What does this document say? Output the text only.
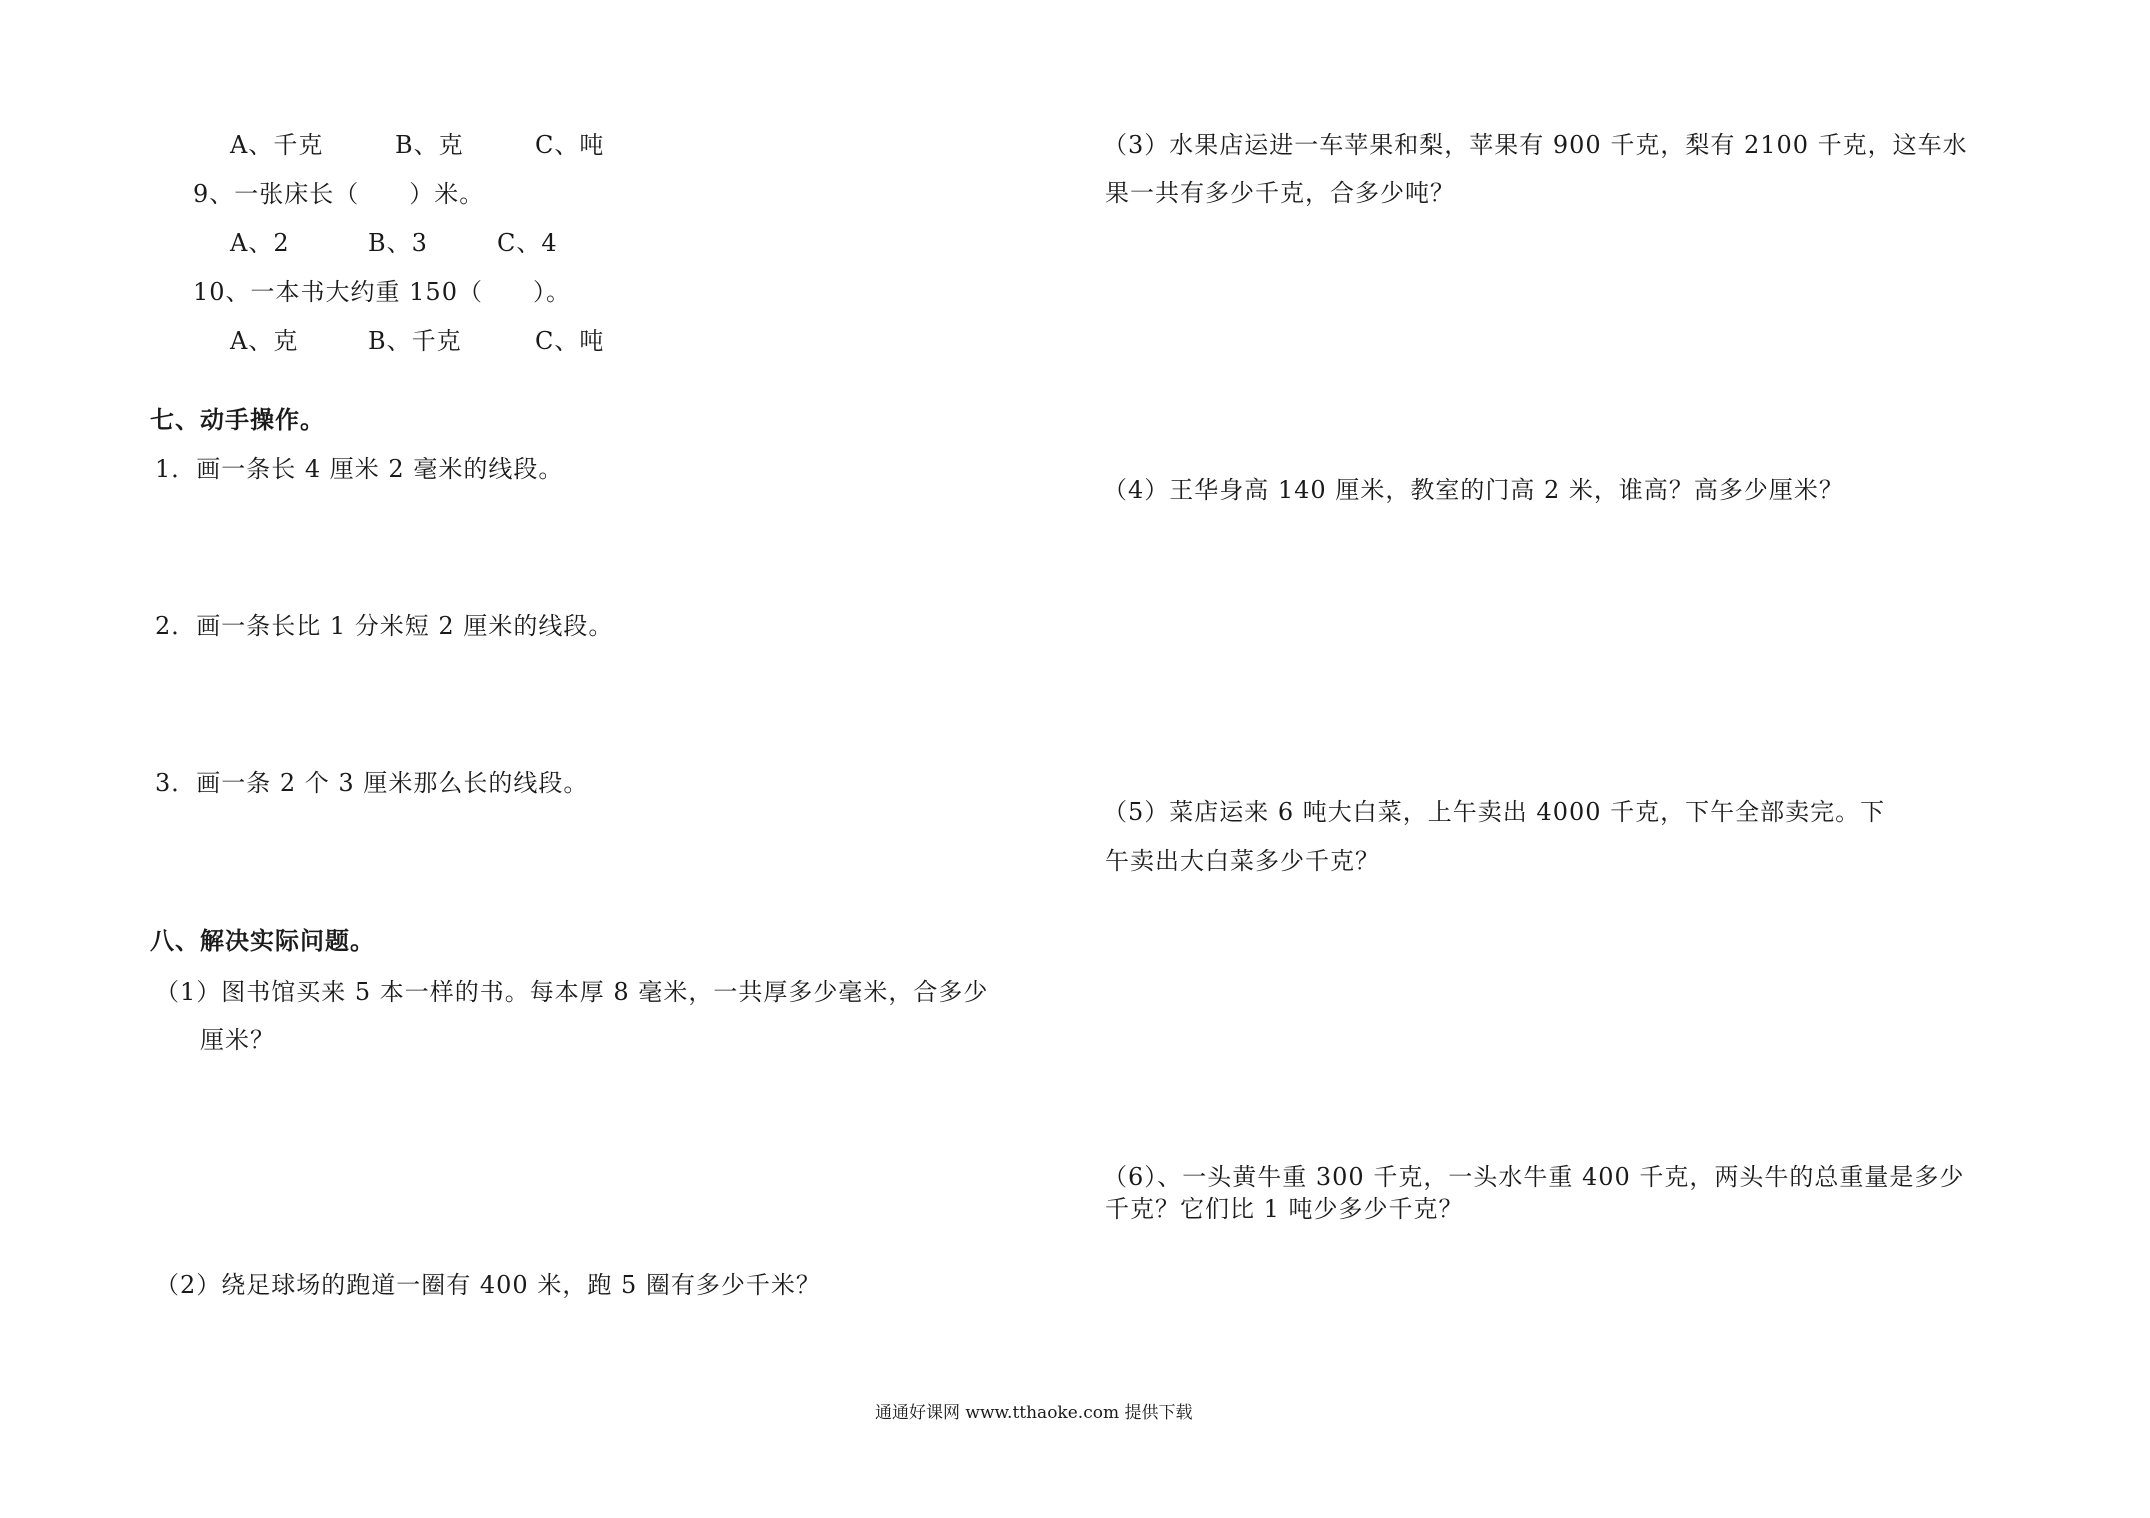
A、千克	B、克	C、吨
9、一张床长（　　）米。
A、2	B、3	C、4
10、一本书大约重 150（　　）。
A、克	B、千克	C、吨
七、动手操作。
1．画一条长 4 厘米 2 毫米的线段。
2．画一条长比 1 分米短 2 厘米的线段。
3．画一条 2 个 3 厘米那么长的线段。
八、解决实际问题。
（1）图书馆买来 5 本一样的书。每本厚 8 毫米，一共厚多少毫米，合多少
厘米？
（2）绕足球场的跑道一圈有 400 米，跑 5 圈有多少千米？
（3）水果店运进一车苹果和梨，苹果有 900 千克，梨有 2100 千克，这车水
果一共有多少千克，合多少吨？
（4）王华身高 140 厘米，教室的门高 2 米，谁高？高多少厘米？
（5）菜店运来 6 吨大白菜，上午卖出 4000 千克，下午全部卖完。下
午卖出大白菜多少千克？
（6）、一头黄牛重 300 千克，一头水牛重 400 千克，两头牛的总重量是多少
千克？它们比 1 吨少多少千克？
通通好课网 www.tthaoke.com 提供下载
